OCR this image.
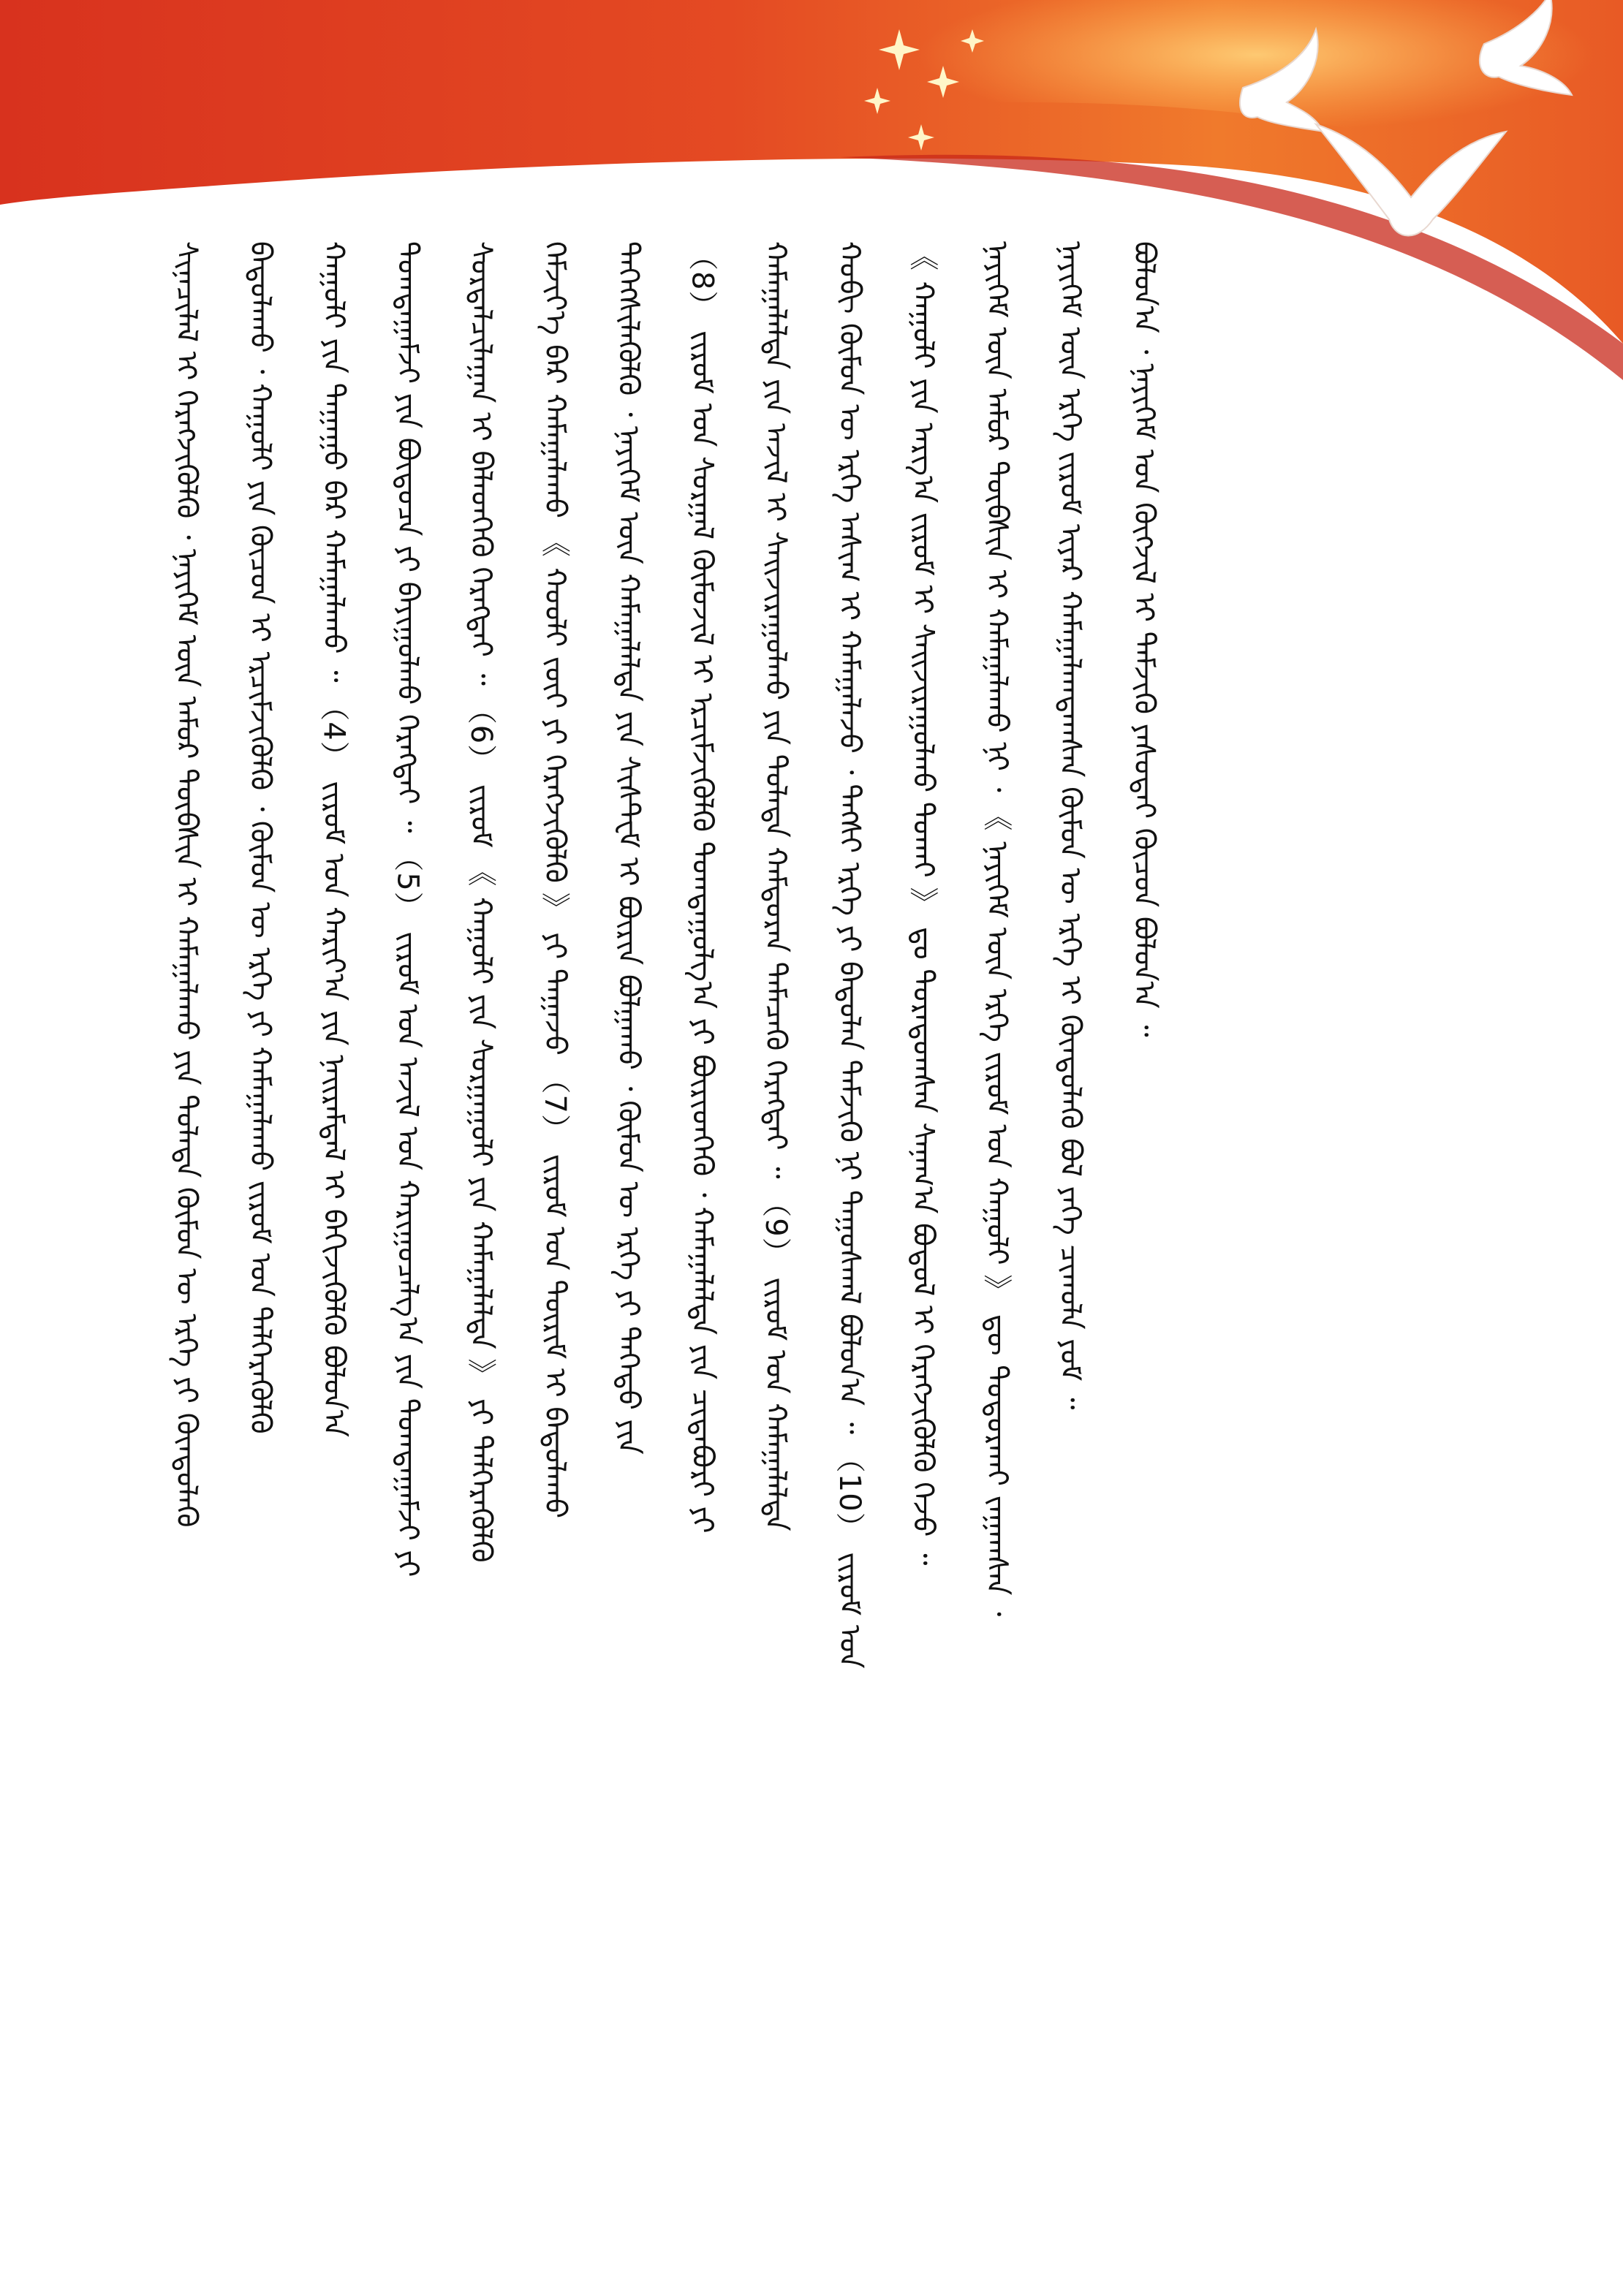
ᠪᠣᠯᠤᠨ᠎ᠠ ᠂ ᠨᠡᠶᠢᠭᠡᠮ ᠤᠨ ᠬᠥᠭᠵᠢᠯ ᠢ ᠳᠡᠮᠵᠢᠬᠦ ᠶᠠᠰᠤᠲᠠᠢ ᠬᠦᠴᠦᠨ ᠪᠣᠯᠤᠨ᠎ᠠ ᠃
ᠨᠡᠶᠢᠭᠡᠮ ᠦᠨ ᠡᠷᠬᠡ ᠵᠢᠷᠤᠮ ᠢᠶᠠᠷ ᠬᠠᠮᠠᠭᠠᠯᠠᠭᠳᠠᠭᠰᠠᠨ ᠬᠦᠮᠦᠨ ᠦ ᠡᠷᠬᠡ ᠢ ᠬᠦᠨᠳᠦᠯᠡᠬᠦ ᠪᠣᠯ ᠶᠡᠬᠡ ᠴᠢᠬᠤᠯᠠ ᠶᠤᠮ ᠃
ᠨᠡᠶᠢᠭᠡᠮ ᠦᠨ ᠠᠮᠤᠷ ᠲᠦᠪᠰᠢᠨ ᠢ ᠬᠠᠮᠠᠭᠠᠯᠠᠬᠤ ᠨᠢ ᠂ 《 ᠨᠡᠶᠢᠭᠡᠮ ᠦᠨ ᠡᠷᠬᠡ ᠵᠢᠷᠤᠮ ᠤᠨ ᠬᠠᠭᠤᠯᠢ 》 ᠳᠦ ᠲᠣᠳᠣᠷᠬᠠᠢ ᠵᠠᠭᠠᠭᠰᠠᠨ ᠂
《 ᠬᠠᠭᠤᠯᠢ ᠶᠢᠨ ᠠᠷᠭ᠎ᠠ ᠵᠢᠷᠤᠮ ᠢ ᠰᠠᠢᠵᠢᠷᠠᠭᠤᠯᠬᠤ ᠲᠤᠬᠠᠢ 》 ᠳᠤ ᠳᠤᠷᠠᠳᠤᠭᠰᠠᠨ ᠰᠠᠨᠠᠭ᠎ᠠ ᠪᠣᠳᠤᠯ ᠢ ᠬᠡᠷᠡᠭᠵᠢᠭᠦᠯᠬᠦ ᠭᠡᠵᠦ ᠃
ᠬᠤᠪᠢ ᠬᠦᠮᠦᠨ ᠦ ᠡᠷᠬᠡ ᠠᠰᠢᠭ ᠢ ᠬᠠᠮᠠᠭᠠᠯᠠᠵᠤ ᠂ ᠲᠡᠭᠰᠢ ᠡᠷᠬᠡ ᠶᠢ ᠪᠠᠲᠤᠯᠠᠨ ᠳᠡᠮᠵᠢᠬᠦ ᠨᠢ ᠳᠠᠭᠤᠰᠬᠠᠯ ᠪᠣᠯᠤᠨ᠎ᠠ ᠃ （10） ᠵᠢᠷᠤᠮ ᠤᠨ
ᠬᠠᠮᠠᠭᠠᠯᠠᠯᠲᠠ ᠶᠢᠨ ᠠᠵᠢᠯ ᠢ ᠰᠠᠢᠵᠢᠷᠠᠭᠤᠯᠬᠤ ᠶᠢᠨ ᠲᠤᠯᠠᠳᠠ ᠬᠠᠮᠲᠤᠷᠠᠨ ᠲᠡᠮᠡᠴᠡᠬᠦ ᠬᠡᠷᠡᠭᠲᠡᠢ ᠃ （9） ᠵᠢᠷᠤᠮ ᠤᠨ ᠬᠠᠮᠠᠭᠠᠯᠠᠯᠲᠠ
（8） ᠵᠢᠷᠤᠮ ᠤᠨ ᠰᠤᠷᠭᠠᠯ ᠬᠦᠮᠦᠵᠢᠯ ᠢ ᠡᠷᠴᠢᠮᠵᠢᠭᠦᠯᠬᠦ ᠲᠣᠭᠲᠠᠭᠤᠯᠭ᠎ᠠ ᠶᠢ ᠪᠦᠷᠢᠳᠬᠡᠬᠦ ᠂ ᠬᠠᠮᠠᠭᠠᠯᠠᠯᠲᠠ ᠶᠢᠨ ᠴᠢᠳᠠᠪᠤᠷᠢ ᠶᠢ
ᠳᠡᠭᠡᠭᠰᠢᠯᠡᠭᠦᠯᠬᠦ ᠂ ᠨᠡᠶᠢᠭᠡᠮ ᠦᠨ ᠬᠠᠮᠠᠭᠠᠯᠠᠯᠲᠠ ᠶᠢᠨ ᠰᠢᠰᠲ᠋ᠧᠮ ᠢ ᠪᠦᠷᠢᠨ ᠪᠣᠯᠭᠠᠬᠤ ᠂ ᠬᠦᠮᠦᠨ ᠦ ᠡᠷᠬᠡ ᠶᠢ ᠳᠡᠭᠡᠳᠦ ᠶᠢᠨ
ᠬᠡᠮᠵᠢᠶ᠎ᠡ ᠪᠡᠷ ᠬᠠᠮᠠᠭᠠᠯᠠᠬᠤ 《 ᠬᠤᠤᠯᠢ ᠵᠦᠢ ᠶᠢ ᠬᠡᠷᠡᠭᠵᠢᠭᠦᠯᠬᠦ 》 ᠶᠢ ᠳᠠᠭᠠᠵᠤ （7） ᠵᠢᠷᠤᠮ ᠤᠨ ᠳᠦᠷᠢᠮ ᠢ ᠪᠠᠲᠤᠯᠠᠬᠤ
ᠰᠤᠷᠲᠠᠯᠴᠢᠯᠠᠭᠠᠨ ᠢ ᠪᠡᠯᠡᠳᠬᠡᠬᠦ ᠬᠡᠷᠡᠭᠲᠡᠢ ᠃ （6） ᠵᠢᠷᠤᠮ 《 ᠬᠠᠭᠤᠯᠢ ᠶᠢᠨ ᠰᠤᠷᠭᠠᠭᠤᠯᠢ ᠶᠢᠨ ᠬᠠᠮᠠᠭᠠᠯᠠᠯᠲᠠ 》 ᠶᠢ ᠳᠡᠯᠭᠡᠷᠡᠭᠦᠯᠬᠦ
ᠲᠣᠭᠲᠠᠭᠠᠮᠵᠢ ᠶᠢᠨ ᠪᠦᠲᠦᠴᠡ ᠶᠢ ᠪᠠᠶᠢᠭᠤᠯᠬᠤ ᠬᠡᠷᠡᠭᠲᠡᠢ ᠃ （5） ᠵᠢᠷᠤᠮ ᠤᠨ ᠠᠵᠢᠯ ᠤᠨ ᠬᠠᠷᠢᠭᠤᠴᠠᠯᠭ᠎ᠠ ᠶᠢᠨ ᠲᠣᠭᠲᠠᠭᠠᠮᠵᠢ ᠶᠢ
ᠬᠠᠭᠤᠯᠢ ᠶᠢᠨ ᠳᠠᠭᠠᠭᠤ ᠪᠠᠷ ᠬᠠᠮᠠᠭᠠᠯᠠᠬᠤ ᠃ （4） ᠵᠢᠷᠤᠮ ᠤᠨ ᠬᠠᠷᠢᠶ᠎ᠠ ᠶᠢᠨ ᠨᠠᠢᠷᠠᠮᠳᠠᠯ ᠢ ᠪᠡᠬᠢᠵᠢᠭᠦᠯᠬᠦ ᠪᠣᠯᠤᠨ᠎ᠠ
ᠪᠠᠲᠤᠯᠠᠬᠤ ᠂ ᠬᠠᠭᠤᠯᠢ ᠶᠢᠨ ᠬᠦᠴᠦᠨ ᠢ ᠡᠷᠴᠢᠮᠵᠢᠭᠦᠯᠬᠦ ᠂ ᠬᠦᠮᠦᠨ ᠦ ᠡᠷᠬᠡ ᠶᠢ ᠬᠠᠮᠠᠭᠠᠯᠠᠬᠤ ᠵᠢᠷᠤᠮ ᠤᠨ ᠳᠡᠯᠭᠡᠷᠡᠭᠦᠯᠬᠦ
ᠰᠢᠨᠡᠴᠢᠯᠡᠯ ᠢ ᠬᠡᠷᠡᠭᠵᠢᠭᠦᠯᠬᠦ ᠂ ᠨᠡᠶᠢᠭᠡᠮ ᠦᠨ ᠠᠮᠤᠷ ᠲᠦᠪᠰᠢᠨ ᠢ ᠬᠠᠮᠠᠭᠠᠯᠠᠬᠤ ᠶᠢᠨ ᠲᠤᠯᠠᠳᠠ ᠬᠦᠮᠦᠨ ᠦ ᠡᠷᠬᠡ ᠶᠢ ᠬᠦᠨᠳᠦᠯᠡᠬᠦ
